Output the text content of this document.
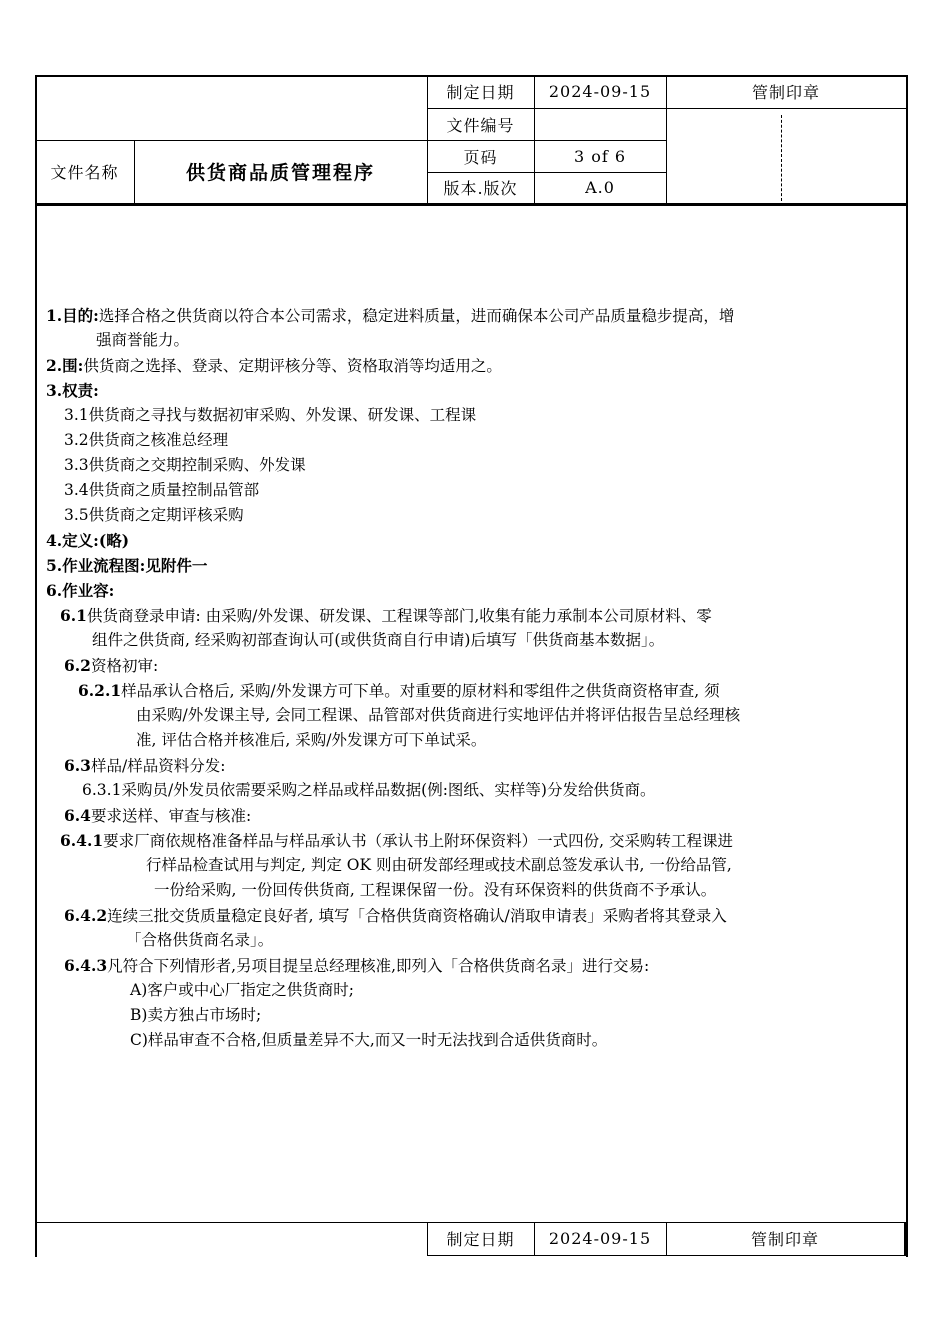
文件名称	供货商品质管理程序
制定日期	2024-09-15	管制印章
文件编号
页码	3 of 6
版本.版次	A.0
1.目的:选择合格之供货商以符合本公司需求，稳定进料质量，进而确保本公司产品质量稳步提高，增
强商誉能力。
2.围:供货商之选择、登录、定期评核分等、资格取消等均适用之。
3.权责:
3.1供货商之寻找与数据初审采购、外发课、研发课、工程课
3.2供货商之核准总经理
3.3供货商之交期控制采购、外发课
3.4供货商之质量控制品管部
3.5供货商之定期评核采购
4.定义:(略)
5.作业流程图:见附件一
6.作业容:
6.1供货商登录申请: 由采购/外发课、研发课、工程课等部门,收集有能力承制本公司原材料、零
组件之供货商, 经采购初部查询认可(或供货商自行申请)后填写「供货商基本数据」。
6.2资格初审:
6.2.1样品承认合格后, 采购/外发课方可下单。对重要的原材料和零组件之供货商资格审查, 须
由采购/外发课主导, 会同工程课、品管部对供货商进行实地评估并将评估报告呈总经理核
准, 评估合格并核准后, 采购/外发课方可下单试采。
6.3样品/样品资料分发:
6.3.1采购员/外发员依需要采购之样品或样品数据(例:图纸、实样等)分发给供货商。
6.4要求送样、审查与核准:
6.4.1要求厂商依规格准备样品与样品承认书（承认书上附环保资料）一式四份, 交采购转工程课进
行样品检查试用与判定, 判定 OK 则由研发部经理或技术副总签发承认书, 一份给品管,
一份给采购, 一份回传供货商, 工程课保留一份。没有环保资料的供货商不予承认。
6.4.2连续三批交货质量稳定良好者, 填写「合格供货商资格确认/消取申请表」采购者将其登录入
「合格供货商名录」。
6.4.3凡符合下列情形者,另项目提呈总经理核准,即列入「合格供货商名录」进行交易:
A)客户或中心厂指定之供货商时;
B)卖方独占市场时;
C)样品审查不合格,但质量差异不大,而又一时无法找到合适供货商时。
制定日期	2024-09-15	管制印章
